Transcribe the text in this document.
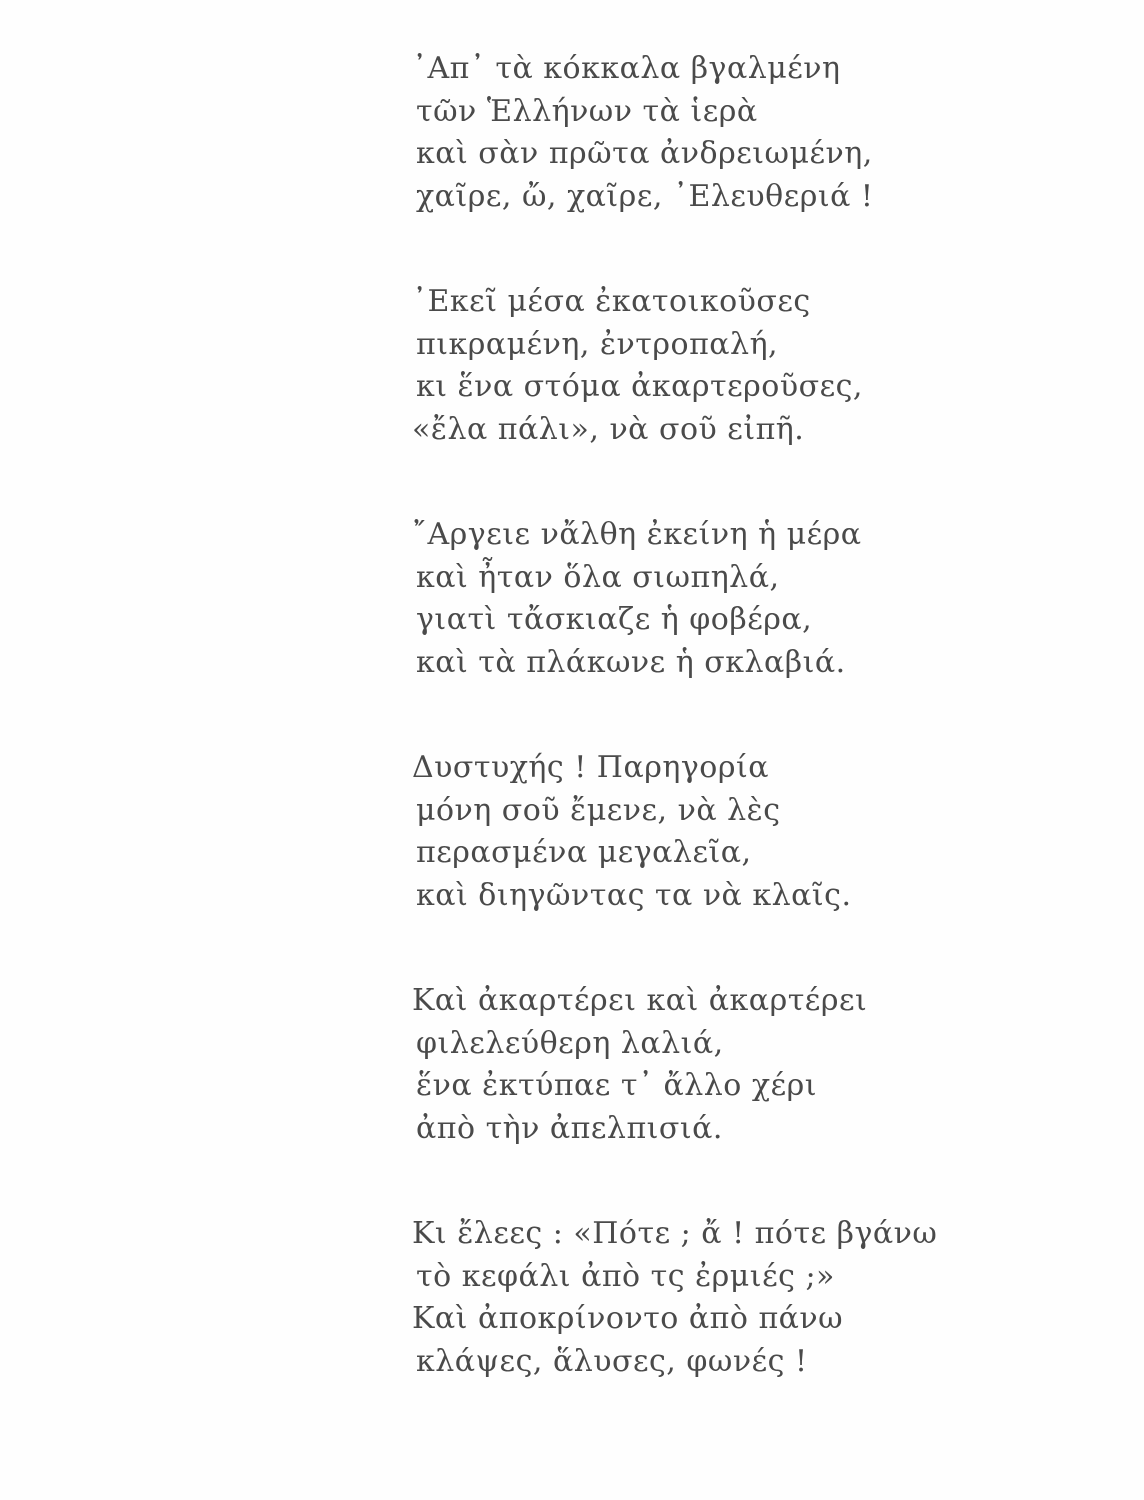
᾽Απ᾽ τὰ κόκκαλα βγαλμένη
τῶν Ἑλλήνων τὰ ἱερὰ
καὶ σὰν πρῶτα ἀνδρειωμένη,
χαῖρε, ὤ, χαῖρε, ᾽Ελευθεριά !
᾽Εκεῖ μέσα ἐκατοικοῦσες
πικραμένη, ἐντροπαλή,
κι ἕνα στόμα ἀκαρτεροῦσες,
«ἔλα πάλι», νὰ σοῦ εἰπῆ.
῎Αργειε νἄλθη ἐκείνη ἡ μέρα
καὶ ἦταν ὅλα σιωπηλά,
γιατὶ τἄσκιαζε ἡ φοβέρα,
καὶ τὰ πλάκωνε ἡ σκλαβιά.
Δυστυχής ! Παρηγορία
μόνη σοῦ ἔμενε, νὰ λὲς
περασμένα μεγαλεῖα,
καὶ διηγῶντας τα νὰ κλαῖς.
Καὶ ἀκαρτέρει καὶ ἀκαρτέρει
φιλελεύθερη λαλιά,
ἕνα ἐκτύπαε τ᾽ ἄλλο χέρι
ἀπὸ τὴν ἀπελπισιά.
Κι ἔλεες : «Πότε ; ἄ ! πότε βγάνω
τὸ κεφάλι ἀπὸ τς ἐρμιές ;»
Καὶ ἀποκρίνοντο ἀπὸ πάνω
κλάψες, ἅλυσες, φωνές !
